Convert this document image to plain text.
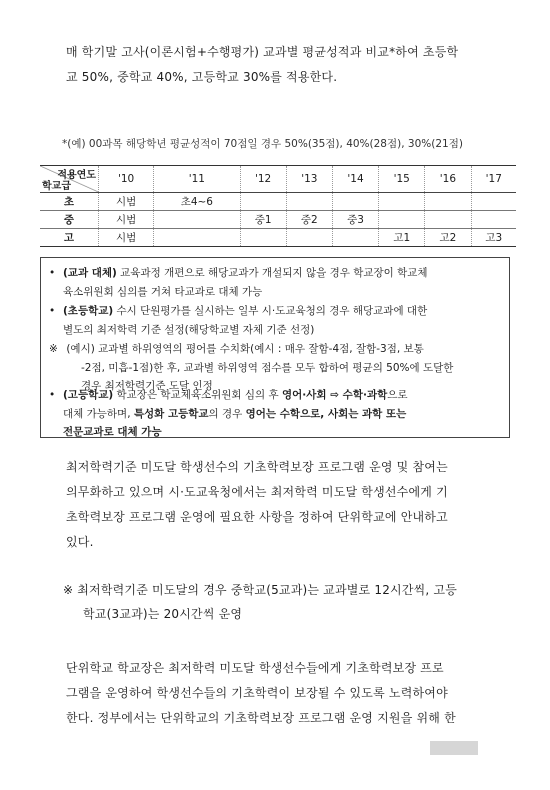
매 학기말 고사(이론시험+수행평가) 교과별 평균성적과 비교*하여 초등학
교 50%, 중학교 40%, 고등학교 30%를 적용한다.

*(예) 00과목 해당학년 평균성적이 70점일 경우 50%(35점), 40%(28점), 30%(21점)
적용연도
학교급	'10	'11	'12	'13	'14	'15	'16	'17
초	시범	초4~6						
중	시범		중1	중2	중3			
고	시범					고1	고2	고3
• (교과 대체) 교육과정 개편으로 해당교과가 개설되지 않을 경우 학교장이 학교체
육소위원회 심의를 거쳐 타교과로 대체 가능
• (초등학교) 수시 단원평가를 실시하는 일부 시·도교육청의 경우 해당교과에 대한
별도의 최저학력 기준 설정(해당학교별 자체 기준 선정)
※ (예시) 교과별 하위영역의 평어를 수치화(예시 : 매우 잘함-4점, 잘함-3점, 보통
-2점, 미흡-1점)한 후, 교과별 하위영역 점수를 모두 합하여 평균의 50%에 도달한
경우 최저학력기준 도달 인정
• (고등학교) 학교장은 학교체육소위원회 심의 후 영어·사회 ⇨ 수학·과학으로
대체 가능하며, 특성화 고등학교의 경우 영어는 수학으로, 사회는 과학 또는
전문교과로 대체 가능

최저학력기준 미도달 학생선수의 기초학력보장 프로그램 운영 및 참여는
의무화하고 있으며 시·도교육청에서는 최저학력 미도달 학생선수에게 기
초학력보장 프로그램 운영에 필요한 사항을 정하여 단위학교에 안내하고
있다.

※ 최저학력기준 미도달의 경우 중학교(5교과)는 교과별로 12시간씩, 고등
학교(3교과)는 20시간씩 운영

단위학교 학교장은 최저학력 미도달 학생선수들에게 기초학력보장 프로
그램을 운영하여 학생선수들의 기초학력이 보장될 수 있도록 노력하여야
한다. 정부에서는 단위학교의 기초학력보장 프로그램 운영 지원을 위해 한
